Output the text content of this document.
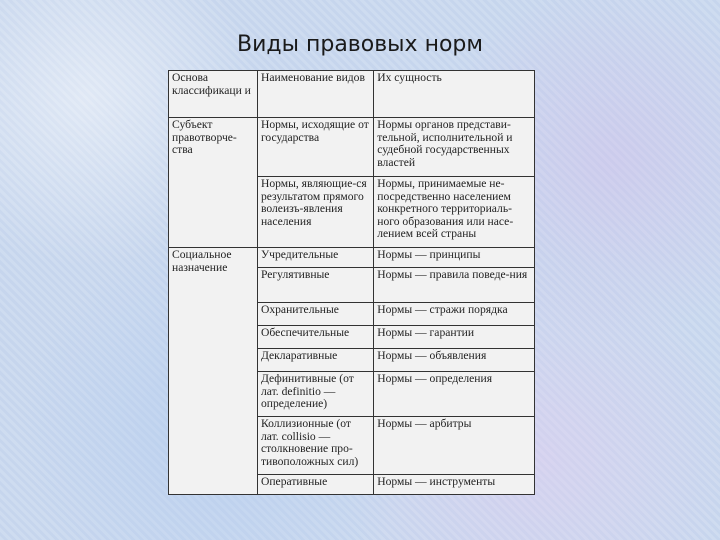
Виды правовых норм
Основа классификаци и	Наименование видов	Их сущность
Субъект правотворче-ства	Нормы, исходящие от государства	Нормы органов представи-тельной, исполнительной и судебной государственных властей
	Нормы, являющие-ся результатом прямого волеизъ-явления населения	Нормы, принимаемые не-посредственно населением конкретного территориаль-ного образования или насе-лением всей страны
Социальное назначение	Учредительные	Нормы — принципы
	Регулятивные	Нормы — правила поведе-ния
	Охранительные	Нормы — стражи порядка
	Обеспечительные	Нормы — гарантии
	Декларативные	Нормы — объявления
	Дефинитивные (от лат. definitio — определение)	Нормы — определения
	Коллизионные (от лат. collisio — столкновение про-тивоположных сил)	Нормы — арбитры
	Оперативные	Нормы — инструменты
